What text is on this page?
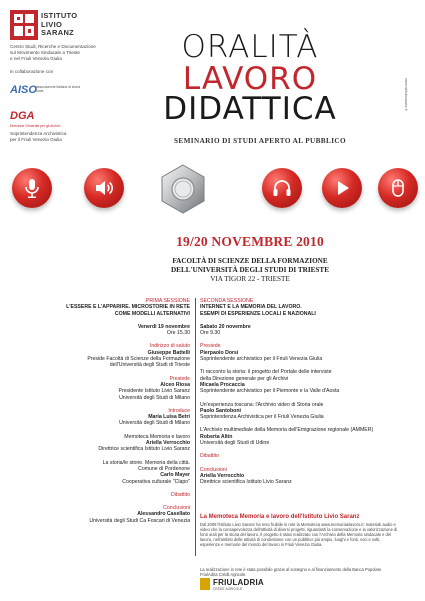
ISTITUTO
LIVIO
SARANZ
Centro Studi, Ricerche e Documentazione
sul Movimento Sindacale a Trieste
e nel Friuli Venezia Giulia
in collaborazione con
AISO associazione italiana di storia orale
DGA
Direzione Generale per gli Archivi
Soprintendenza Archivistica
per il Friuli Venezia Giulia
ORALITÀ
LAVORO
DIDATTICA
SEMINARIO DI STUDI APERTO AL PUBBLICO
www.istitutosaranz.it
19/20 NOVEMBRE 2010
FACOLTÀ DI SCIENZE DELLA FORMAZIONE
DELL'UNIVERSITÀ DEGLI STUDI DI TRIESTE
VIA TIGOR 22 - TRIESTE
PRIMA SESSIONE
L'ESSERE E L'APPARIRE. MICROSTORIE IN RETE
COME MODELLI ALTERNATIVI
Venerdì 19 novembre
Ore 15.30
Indirizzo di saluto
Giuseppe Battelli
Preside Facoltà di Scienze della Formazione
dell'Università degli Studi di Trieste
Presiede
Alceo Riosa
Presidente Istituto Livio Saranz
Università degli Studi di Milano
Introduce
Maria Luisa Betri
Università degli Studi di Milano
Memoteca Memoria e lavoro
Ariella Verrocchio
Direttrice scientifica Istituto Livio Saranz
La storia/le storie. Memoria della città.
Comune di Pordenone
Carlo Mayer
Cooperativa culturale "Clapo"
Dibattito
Conclusioni
Alessandro Casellato
Università degli Studi Ca Foscari di Venezia
SECONDA SESSIONE
INTERNET E LA MEMORIA DEL LAVORO.
ESEMPI DI ESPERIENZE LOCALI E NAZIONALI
Sabato 20 novembre
Ore 9.30
Presiede
Pierpaolo Dorsi
Soprintendente archivistico per il Friuli Venezia Giulia
Ti racconto la storia: il progetto del Portale delle interviste
della Direzione generale per gli Archivi
Micaela Procaccia
Soprintendente archivistico per il Piemonte e la Valle d'Aosta
Un'esperienza toscana: l'Archivio video di Storia orale
Paolo Santoboni
Soprintendenza Archivistica per il Friuli Venezia Giulia
L'Archivio multimediale della Memoria dell'Emigrazione regionale (AMMER)
Roberta Altin
Università degli Studi di Udine
Dibattito
Conclusioni
Ariella Verrocchio
Direttrice scientifica Istituto Livio Saranz
La Memoteca Memoria e lavoro dell'Istituto Livio Saranz
Dal 2009 l'Istituto Livio Saranz ha reso fruibile in rete la Memoteca www.memoriaelavoro.it: materiali audio e video che la consapevolezza dell'attività di diversi progetti, riguardanti la conservazione e la valorizzazione di fonti orali per la storia del lavoro. Il progetto è stato realizzato con l'Archivio della Memoria sindacale e del lavoro, nell'ambito delle attività di condivisione con un pubblico più ampio, luoghi e fonti, voci e volti, esperienze e memorie del mondo del lavoro in Friuli Venezia Giulia.
La realizzazione in rete è stata possibile grazie al sostegno e al finanziamento della Banca Popolare FriulAdria Crédit Agricole.
FRIULADRIA
CRÉDIT AGRICOLE
